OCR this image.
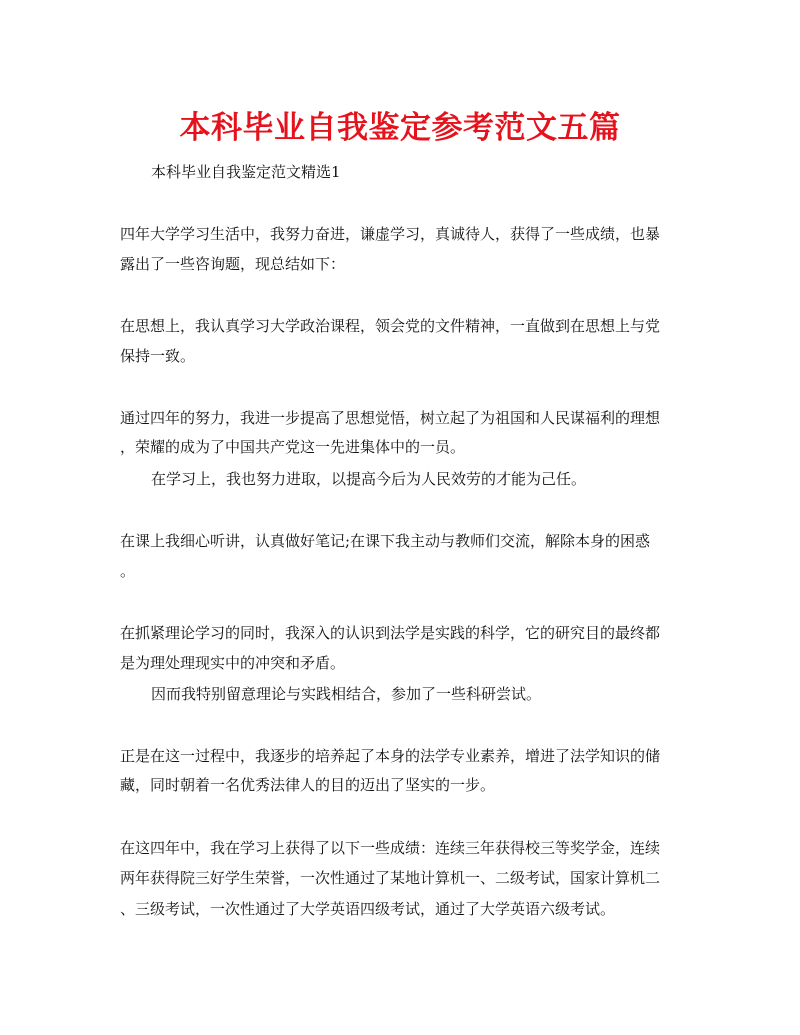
本科毕业自我鉴定参考范文五篇
本科毕业自我鉴定范文精选1
四年大学学习生活中，我努力奋进，谦虚学习，真诚待人，获得了一些成绩，也暴
露出了一些咨询题，现总结如下：
在思想上，我认真学习大学政治课程，领会党的文件精神，一直做到在思想上与党
保持一致。
通过四年的努力，我进一步提高了思想觉悟，树立起了为祖国和人民谋福利的理想
，荣耀的成为了中国共产党这一先进集体中的一员。
在学习上，我也努力进取，以提高今后为人民效劳的才能为己任。
在课上我细心听讲，认真做好笔记;在课下我主动与教师们交流，解除本身的困惑
。
在抓紧理论学习的同时，我深入的认识到法学是实践的科学，它的研究目的最终都
是为理处理现实中的冲突和矛盾。
因而我特别留意理论与实践相结合，参加了一些科研尝试。
正是在这一过程中，我逐步的培养起了本身的法学专业素养，增进了法学知识的储
藏，同时朝着一名优秀法律人的目的迈出了坚实的一步。
在这四年中，我在学习上获得了以下一些成绩：连续三年获得校三等奖学金，连续
两年获得院三好学生荣誉，一次性通过了某地计算机一、二级考试，国家计算机二
、三级考试，一次性通过了大学英语四级考试，通过了大学英语六级考试。
